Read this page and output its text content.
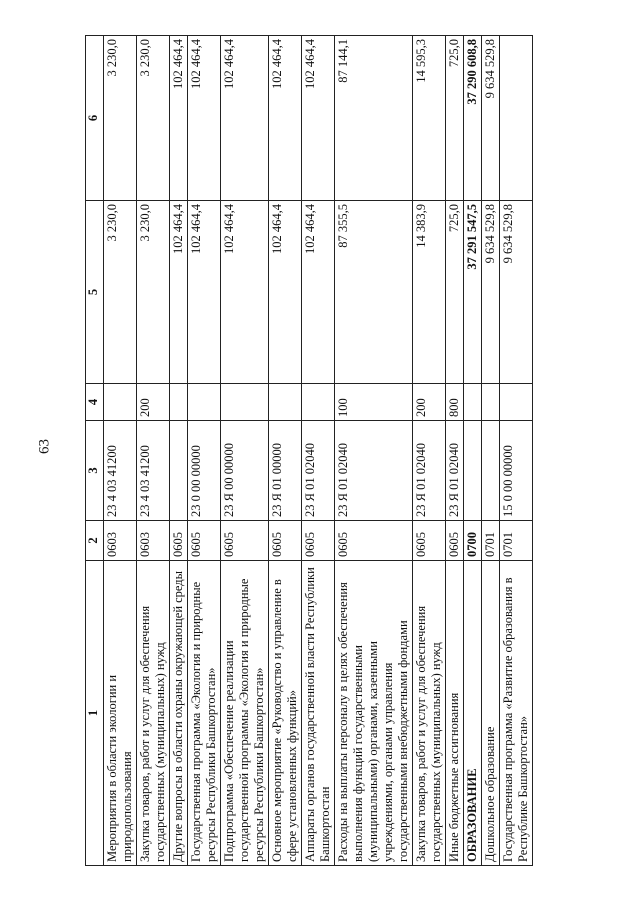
63
1	2	3	4	5	6
Мероприятия в области экологии и природопользования	0603	23 4 03 41200		3 230,0	3 230,0
Закупка товаров, работ и услуг для обеспечения государственных (муниципальных) нужд	0603	23 4 03 41200	200	3 230,0	3 230,0
Другие вопросы в области охраны окружающей среды	0605			102 464,4	102 464,4
Государственная программа «Экология и природные ресурсы Республики Башкортостан»	0605	23 0 00 00000		102 464,4	102 464,4
Подпрограмма «Обеспечение реализации государственной программы «Экология и природные ресурсы Республики Башкортостан»	0605	23 Я 00 00000		102 464,4	102 464,4
Основное мероприятие «Руководство и управление в сфере установленных функций»	0605	23 Я 01 00000		102 464,4	102 464,4
Аппараты органов государственной власти Республики Башкортостан	0605	23 Я 01 02040		102 464,4	102 464,4
Расходы на выплаты персоналу в целях обеспечения выполнения функций государственными (муниципальными) органами, казенными учреждениями, органами управления государственными внебюджетными фондами	0605	23 Я 01 02040	100	87 355,5	87 144,1
Закупка товаров, работ и услуг для обеспечения государственных (муниципальных) нужд	0605	23 Я 01 02040	200	14 383,9	14 595,3
Иные бюджетные ассигнования	0605	23 Я 01 02040	800	725,0	725,0
ОБРАЗОВАНИЕ	0700			37 291 547,5	37 290 608,8
Дошкольное образование	0701			9 634 529,8	9 634 529,8
Государственная программа «Развитие образования в Республике Башкортостан»	0701	15 0 00 00000		9 634 529,8	
